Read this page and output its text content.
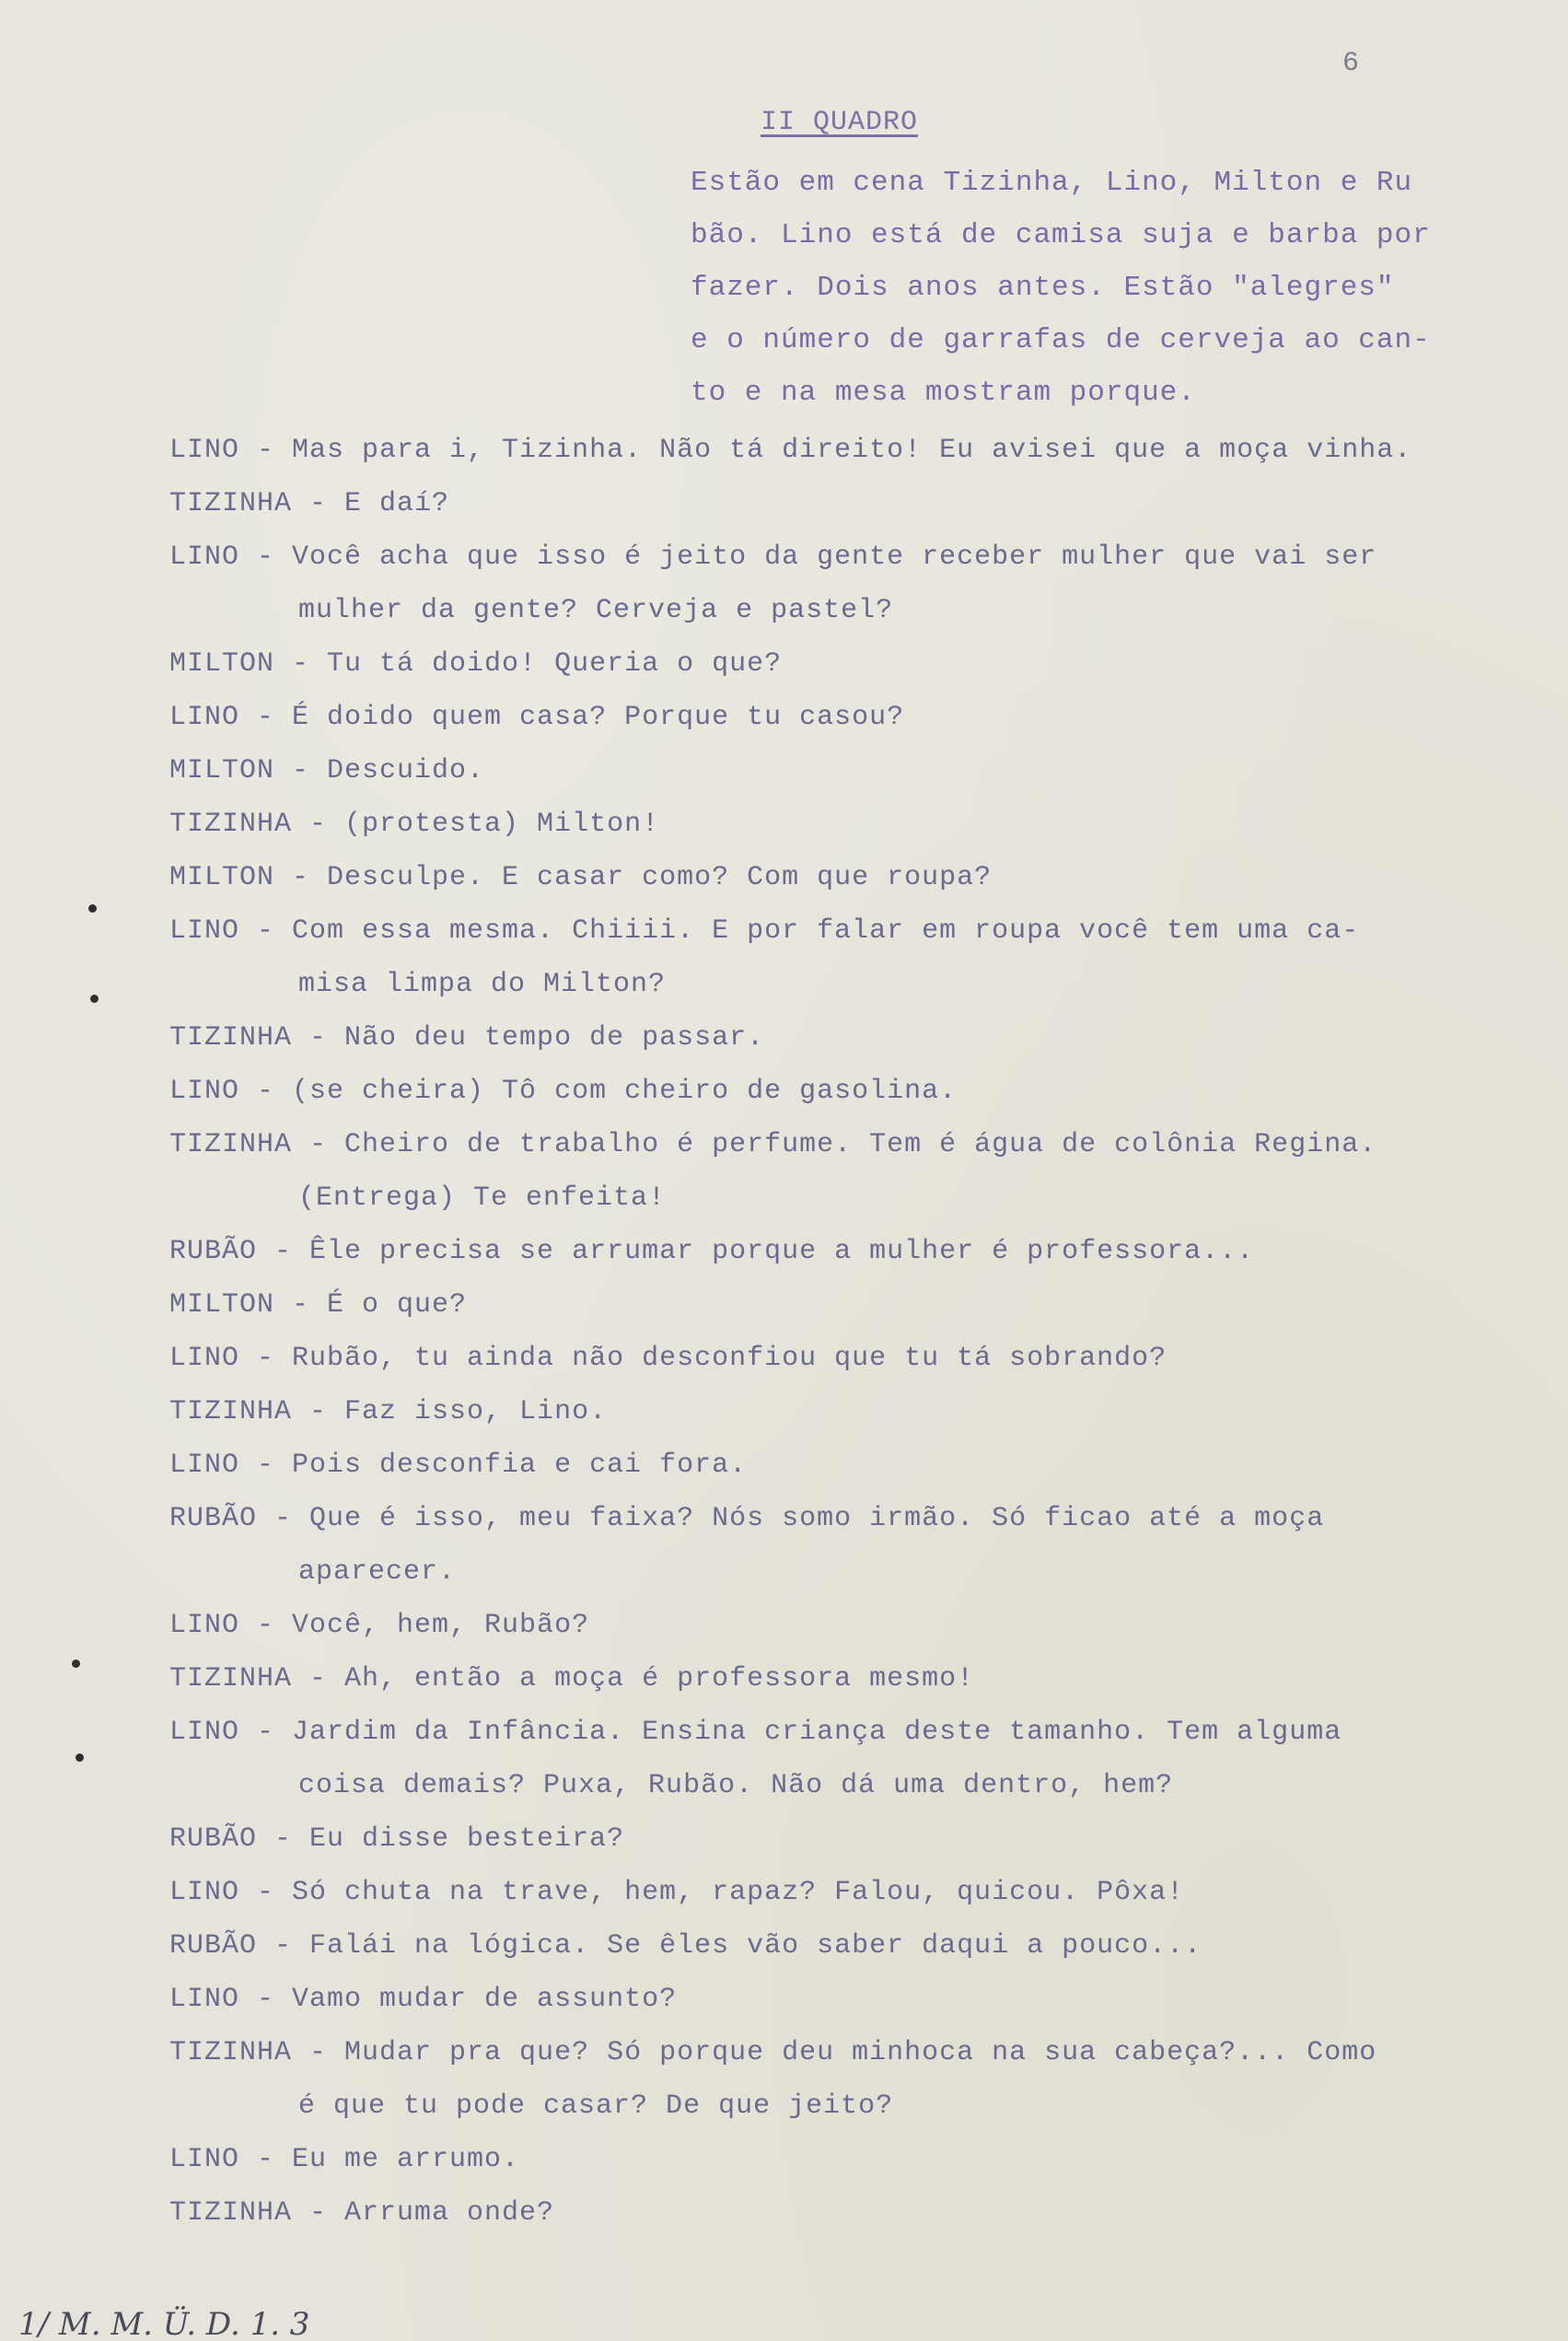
6
II QUADRO
Estão em cena Tizinha, Lino, Milton e Ru
bão. Lino está de camisa suja e barba por
fazer. Dois anos antes. Estão "alegres"
e o número de garrafas de cerveja ao can-
to e na mesa mostram porque.
LINO - Mas para i, Tizinha. Não tá direito! Eu avisei que a moça vinha.
TIZINHA - E daí?
LINO - Você acha que isso é jeito da gente receber mulher que vai ser
mulher da gente? Cerveja e pastel?
MILTON - Tu tá doido! Queria o que?
LINO - É doido quem casa? Porque tu casou?
MILTON - Descuido.
TIZINHA - (protesta) Milton!
MILTON - Desculpe. E casar como? Com que roupa?
LINO - Com essa mesma. Chiiii. E por falar em roupa você tem uma ca-
misa limpa do Milton?
TIZINHA - Não deu tempo de passar.
LINO - (se cheira) Tô com cheiro de gasolina.
TIZINHA - Cheiro de trabalho é perfume. Tem é água de colônia Regina.
(Entrega) Te enfeita!
RUBÃO - Êle precisa se arrumar porque a mulher é professora...
MILTON - É o que?
LINO - Rubão, tu ainda não desconfiou que tu tá sobrando?
TIZINHA - Faz isso, Lino.
LINO - Pois desconfia e cai fora.
RUBÃO - Que é isso, meu faixa? Nós somo irmão. Só ficao até a moça
aparecer.
LINO - Você, hem, Rubão?
TIZINHA - Ah, então a moça é professora mesmo!
LINO - Jardim da Infância. Ensina criança deste tamanho. Tem alguma
coisa demais? Puxa, Rubão. Não dá uma dentro, hem?
RUBÃO - Eu disse besteira?
LINO - Só chuta na trave, hem, rapaz? Falou, quicou. Pôxa!
RUBÃO - Falái na lógica. Se êles vão saber daqui a pouco...
LINO - Vamo mudar de assunto?
TIZINHA - Mudar pra que? Só porque deu minhoca na sua cabeça?... Como
é que tu pode casar? De que jeito?
LINO - Eu me arrumo.
TIZINHA - Arruma onde?
1/ M. M. Ü. D. 1. 3
